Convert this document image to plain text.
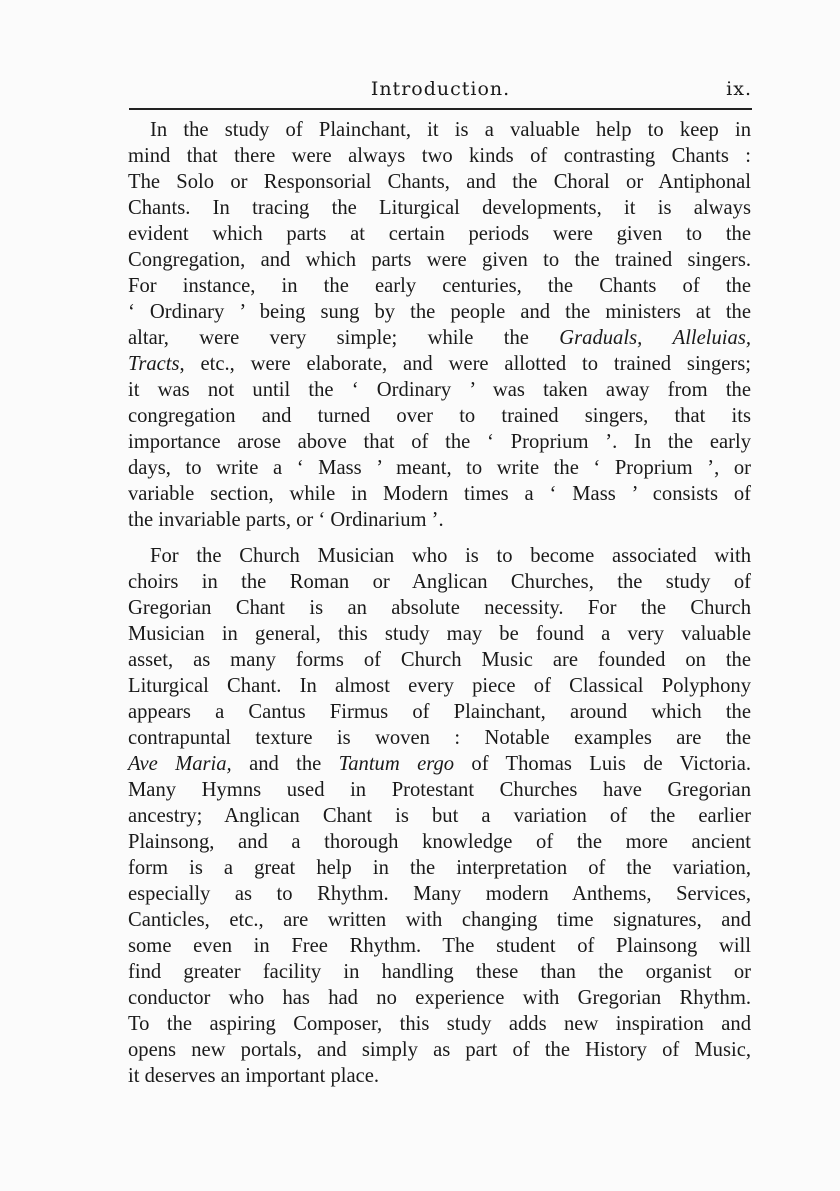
Introduction.	ix.
In the study of Plainchant, it is a valuable help to keep in
mind that there were always two kinds of contrasting Chants :
The Solo or Responsorial Chants, and the Choral or Antiphonal
Chants. In tracing the Liturgical developments, it is always
evident which parts at certain periods were given to the
Congregation, and which parts were given to the trained singers.
For instance, in the early centuries, the Chants of the
‘ Ordinary ’ being sung by the people and the ministers at the
altar, were very simple; while the Graduals, Alleluias,
Tracts, etc., were elaborate, and were allotted to trained singers;
it was not until the ‘ Ordinary ’ was taken away from the
congregation and turned over to trained singers, that its
importance arose above that of the ‘ Proprium ’. In the early
days, to write a ‘ Mass ’ meant, to write the ‘ Proprium ’, or
variable section, while in Modern times a ‘ Mass ’ consists of
the invariable parts, or ‘ Ordinarium ’.
For the Church Musician who is to become associated with
choirs in the Roman or Anglican Churches, the study of
Gregorian Chant is an absolute necessity. For the Church
Musician in general, this study may be found a very valuable
asset, as many forms of Church Music are founded on the
Liturgical Chant. In almost every piece of Classical Polyphony
appears a Cantus Firmus of Plainchant, around which the
contrapuntal texture is woven : Notable examples are the
Ave Maria, and the Tantum ergo of Thomas Luis de Victoria.
Many Hymns used in Protestant Churches have Gregorian
ancestry; Anglican Chant is but a variation of the earlier
Plainsong, and a thorough knowledge of the more ancient
form is a great help in the interpretation of the variation,
especially as to Rhythm. Many modern Anthems, Services,
Canticles, etc., are written with changing time signatures, and
some even in Free Rhythm. The student of Plainsong will
find greater facility in handling these than the organist or
conductor who has had no experience with Gregorian Rhythm.
To the aspiring Composer, this study adds new inspiration and
opens new portals, and simply as part of the History of Music,
it deserves an important place.
